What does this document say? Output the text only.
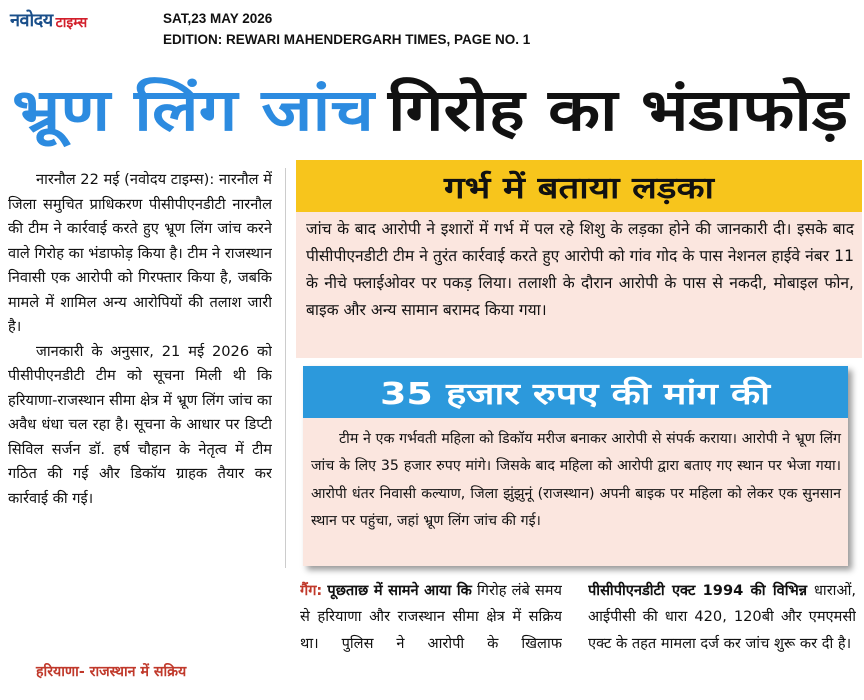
नवोदय टाइम्स	SAT,23 MAY 2026
EDITION: REWARI MAHENDERGARH TIMES, PAGE NO. 1
भ्रूण लिंग जांच	गिरोह का भंडाफोड़

नारनौल 22 मई (नवोदय टाइम्स): नारनौल में जिला समुचित प्राधिकरण पीसीपीएनडीटी नारनौल की टीम ने कार्रवाई करते हुए भ्रूण लिंग जांच करने वाले गिरोह का भंडाफोड़ किया है। टीम ने राजस्थान निवासी एक आरोपी को गिरफ्तार किया है, जबकि मामले में शामिल अन्य आरोपियों की तलाश जारी है।

जानकारी के अनुसार, 21 मई 2026 को पीसीपीएनडीटी टीम को सूचना मिली थी कि हरियाणा-राजस्थान सीमा क्षेत्र में भ्रूण लिंग जांच का अवैध धंधा चल रहा है। सूचना के आधार पर डिप्टी सिविल सर्जन डॉ. हर्ष चौहान के नेतृत्व में टीम गठित की गई और डिकॉय ग्राहक तैयार कर कार्रवाई की गई।

हरियाणा- राजस्थान में सक्रिय
गर्भ में बताया लड़का
जांच के बाद आरोपी ने इशारों में गर्भ में पल रहे शिशु के लड़का होने की जानकारी दी। इसके बाद पीसीपीएनडीटी टीम ने तुरंत कार्रवाई करते हुए आरोपी को गांव गोद के पास नेशनल हाईवे नंबर 11 के नीचे फ्लाईओवर पर पकड़ लिया। तलाशी के दौरान आरोपी के पास से नकदी, मोबाइल फोन, बाइक और अन्य सामान बरामद किया गया।
35 हजार रुपए की मांग की
टीम ने एक गर्भवती महिला को डिकॉय मरीज बनाकर आरोपी से संपर्क कराया। आरोपी ने भ्रूण लिंग जांच के लिए 35 हजार रुपए मांगे। जिसके बाद महिला को आरोपी द्वारा बताए गए स्थान पर भेजा गया। आरोपी धंतर निवासी कल्याण, जिला झुंझुनूं (राजस्थान) अपनी बाइक पर महिला को लेकर एक सुनसान स्थान पर पहुंचा, जहां भ्रूण लिंग जांच की गई।

गैंग: पूछताछ में सामने आया कि गिरोह लंबे समय से हरियाणा और राजस्थान सीमा क्षेत्र में सक्रिय था। पुलिस ने आरोपी के खिलाफ

पीसीपीएनडीटी एक्ट 1994 की विभिन्न धाराओं, आईपीसी की धारा 420, 120बी और एमएमसी एक्ट के तहत मामला दर्ज कर जांच शुरू कर दी है।
